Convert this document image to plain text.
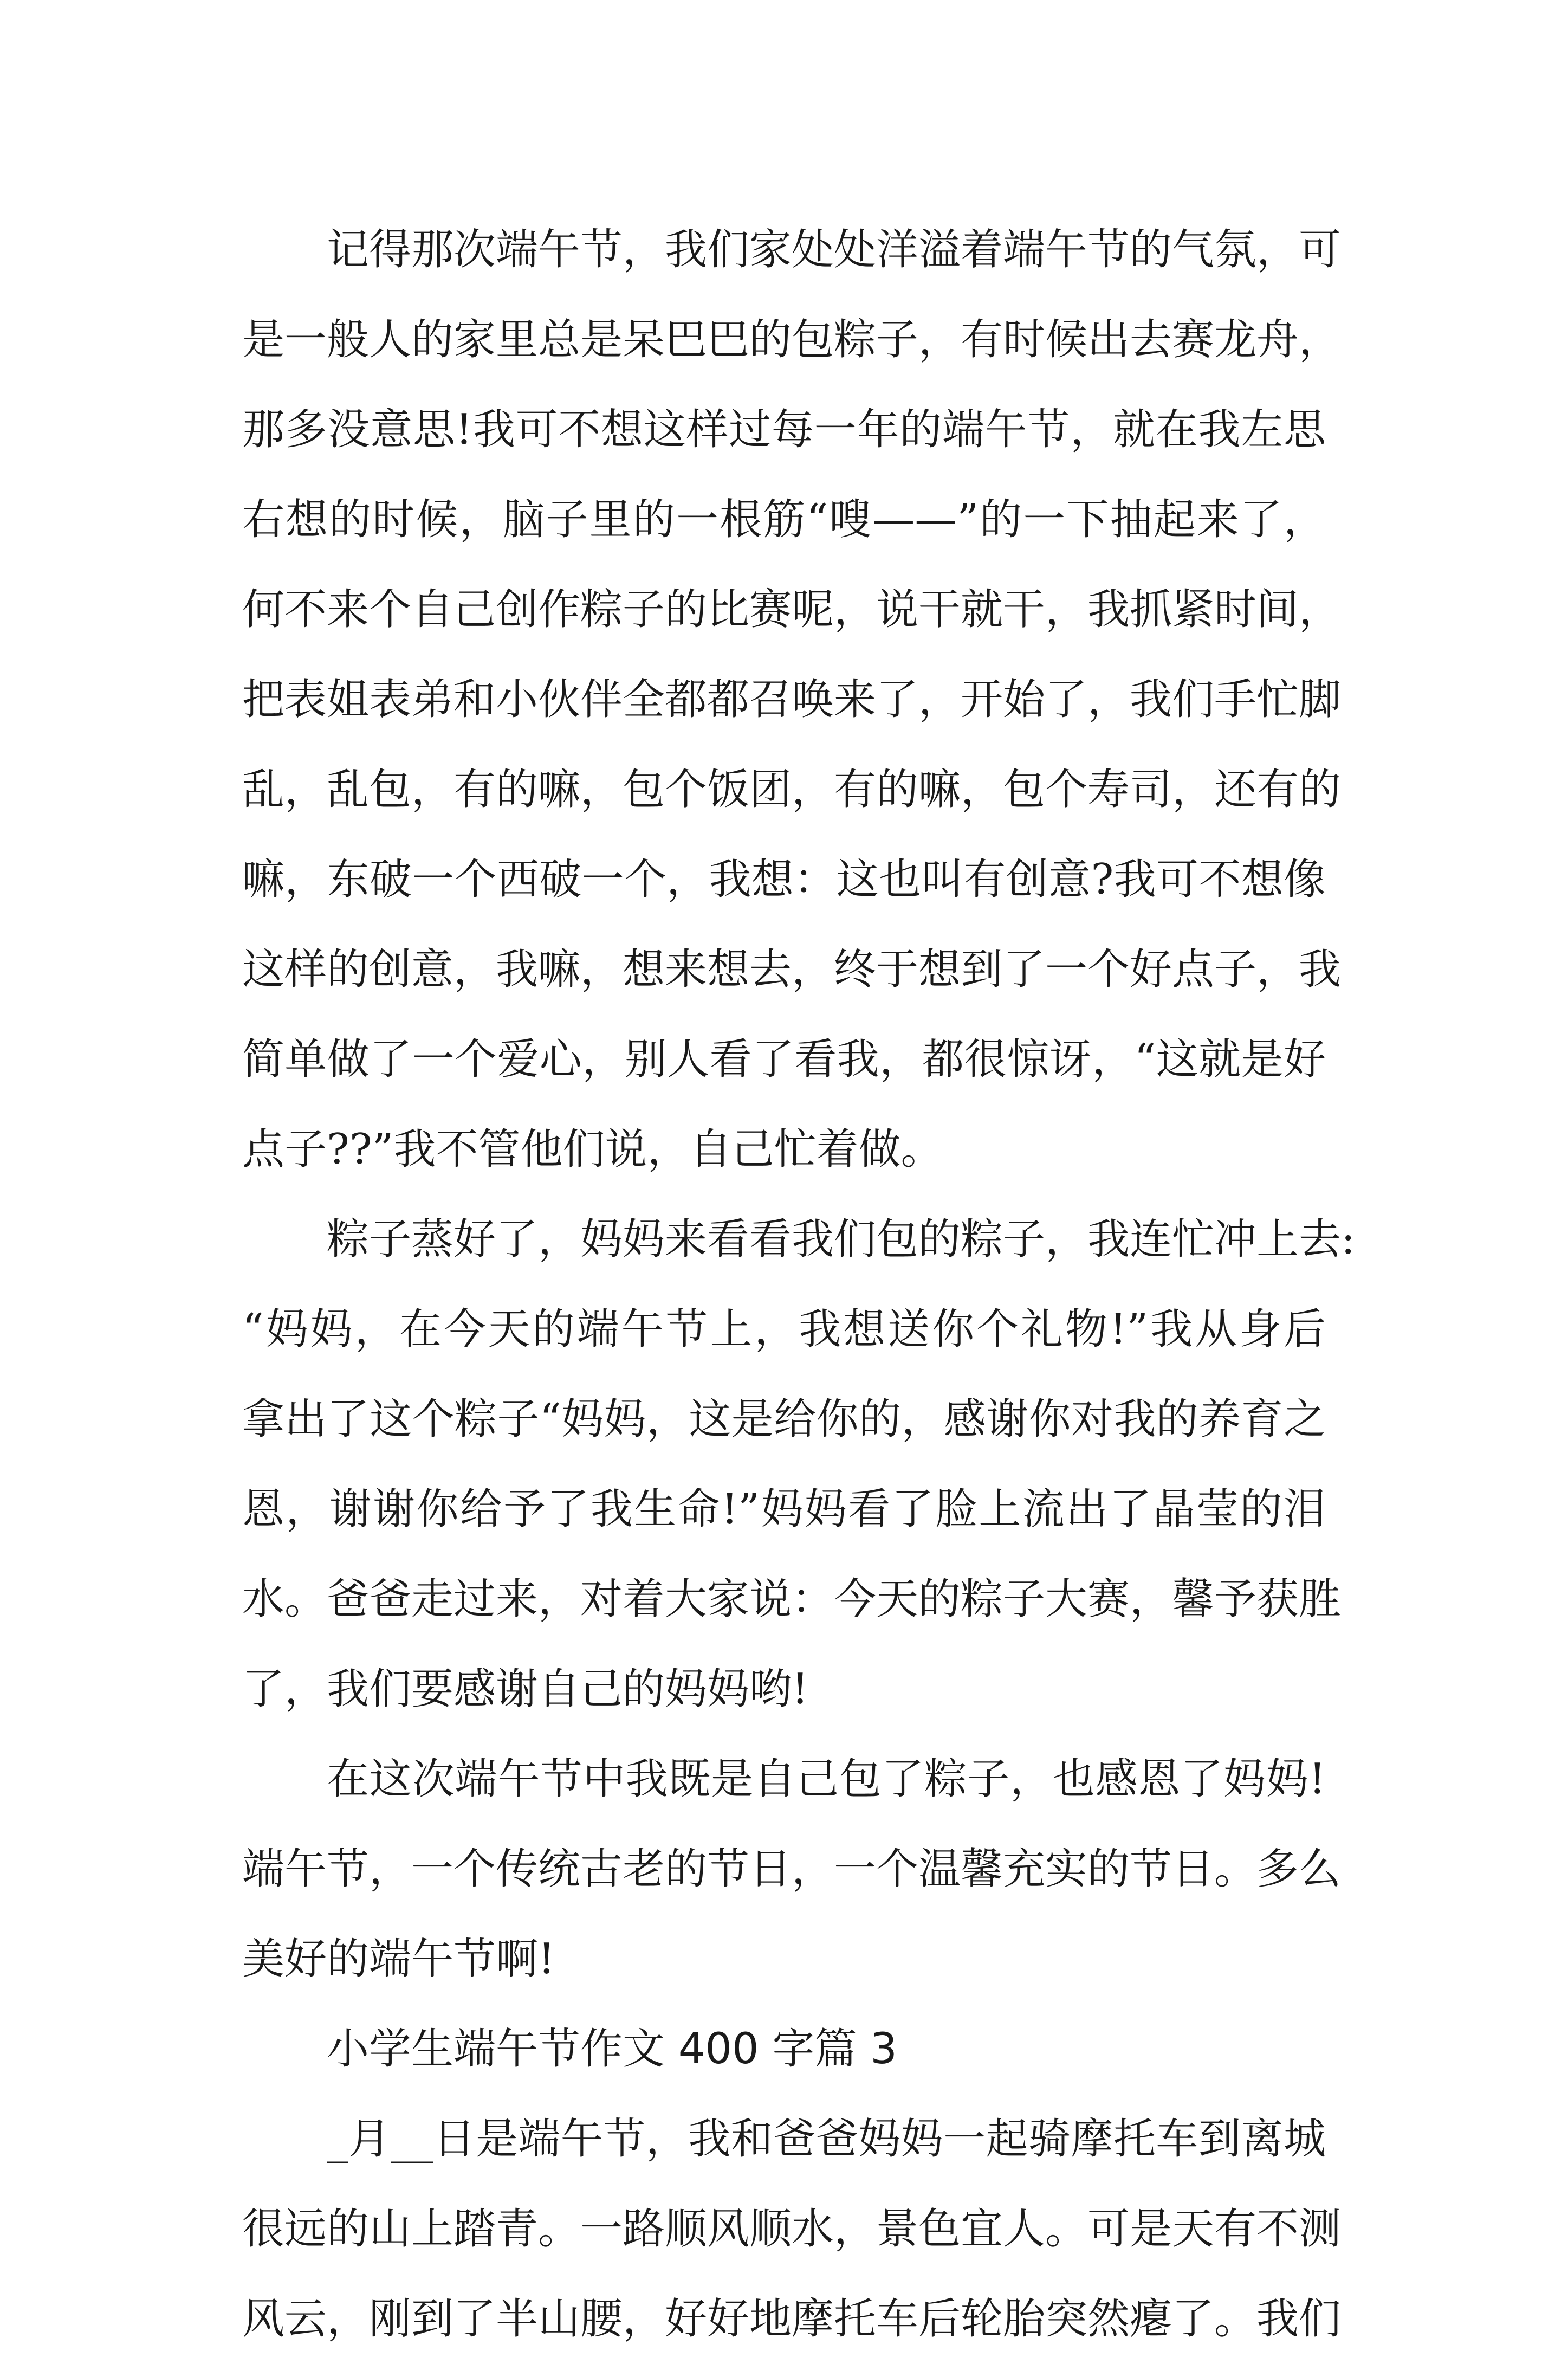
记得那次端午节，我们家处处洋溢着端午节的气氛，可
是一般人的家里总是呆巴巴的包粽子，有时候出去赛龙舟，
那多没意思!我可不想这样过每一年的端午节，就在我左思
右想的时候，脑子里的一根筋“嗖——”的一下抽起来了，
何不来个自己创作粽子的比赛呢，说干就干，我抓紧时间，
把表姐表弟和小伙伴全都都召唤来了，开始了，我们手忙脚
乱，乱包，有的嘛，包个饭团，有的嘛，包个寿司，还有的
嘛，东破一个西破一个，我想：这也叫有创意?我可不想像
这样的创意，我嘛，想来想去，终于想到了一个好点子，我
简单做了一个爱心，别人看了看我，都很惊讶，“这就是好
点子??”我不管他们说，自己忙着做。
粽子蒸好了，妈妈来看看我们包的粽子，我连忙冲上去:
“妈妈，在今天的端午节上，我想送你个礼物!”我从身后
拿出了这个粽子“妈妈，这是给你的，感谢你对我的养育之
恩，谢谢你给予了我生命!”妈妈看了脸上流出了晶莹的泪
水。爸爸走过来，对着大家说：今天的粽子大赛，馨予获胜
了，我们要感谢自己的妈妈哟!
在这次端午节中我既是自己包了粽子，也感恩了妈妈!
端午节，一个传统古老的节日，一个温馨充实的节日。多么
美好的端午节啊!
小学生端午节作文 400 字篇 3
_月__日是端午节，我和爸爸妈妈一起骑摩托车到离城
很远的山上踏青。一路顺风顺水，景色宜人。可是天有不测
风云，刚到了半山腰，好好地摩托车后轮胎突然瘪了。我们
